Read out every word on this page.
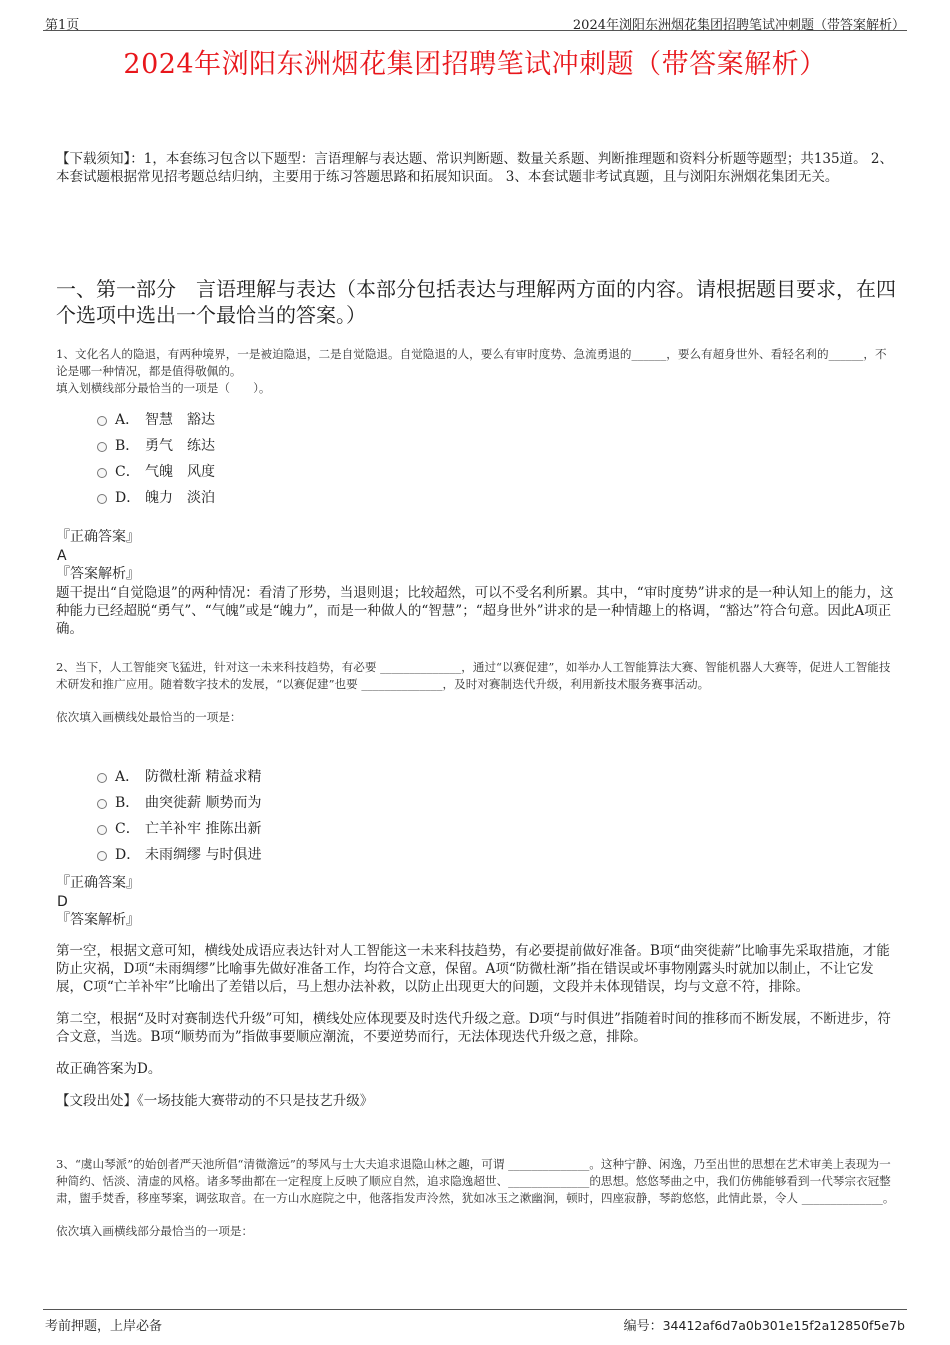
第1页	2024年浏阳东洲烟花集团招聘笔试冲刺题（带答案解析）
2024年浏阳东洲烟花集团招聘笔试冲刺题（带答案解析）
【下载须知】：1，本套练习包含以下题型：言语理解与表达题、常识判断题、数量关系题、判断推理题和资料分析题等题型；共135道。 2、本套试题根据常见招考题总结归纳，主要用于练习答题思路和拓展知识面。 3、本套试题非考试真题，且与浏阳东洲烟花集团无关。
一、第一部分　言语理解与表达（本部分包括表达与理解两方面的内容。请根据题目要求，在四个选项中选出一个最恰当的答案。）
1、文化名人的隐退，有两种境界，一是被迫隐退，二是自觉隐退。自觉隐退的人，要么有审时度势、急流勇退的______，要么有超身世外、看轻名利的______，不论是哪一种情况，都是值得敬佩的。
填入划横线部分最恰当的一项是（　　）。
A． 智慧　豁达
B． 勇气　练达
C． 气魄　风度
D． 魄力　淡泊
『正确答案』
A
『答案解析』
题干提出“自觉隐退”的两种情况：看清了形势，当退则退；比较超然，可以不受名利所累。其中，“审时度势”讲求的是一种认知上的能力，这种能力已经超脱“勇气”、“气魄”或是“魄力”，而是一种做人的“智慧”；“超身世外”讲求的是一种情趣上的格调，“豁达”符合句意。因此A项正确。
2、当下，人工智能突飞猛进，针对这一未来科技趋势，有必要 ______________，通过“以赛促建”，如举办人工智能算法大赛、智能机器人大赛等，促进人工智能技术研发和推广应用。随着数字技术的发展，“以赛促建”也要 ______________，及时对赛制迭代升级，利用新技术服务赛事活动。
依次填入画横线处最恰当的一项是：
A． 防微杜渐 精益求精
B． 曲突徙薪 顺势而为
C． 亡羊补牢 推陈出新
D． 未雨绸缪 与时俱进
『正确答案』
D
『答案解析』
第一空，根据文意可知，横线处成语应表达针对人工智能这一未来科技趋势，有必要提前做好准备。B项“曲突徙薪”比喻事先采取措施，才能防止灾祸，D项“未雨绸缪”比喻事先做好准备工作，均符合文意，保留。A项“防微杜渐”指在错误或坏事物刚露头时就加以制止，不让它发展，C项“亡羊补牢”比喻出了差错以后，马上想办法补救，以防止出现更大的问题，文段并未体现错误，均与文意不符，排除。
第二空，根据“及时对赛制迭代升级”可知，横线处应体现要及时迭代升级之意。D项“与时俱进”指随着时间的推移而不断发展，不断进步，符合文意，当选。B项“顺势而为”指做事要顺应潮流，不要逆势而行，无法体现迭代升级之意，排除。
故正确答案为D。
【文段出处】《一场技能大赛带动的不只是技艺升级》
3、“虞山琴派”的始创者严天池所倡“清微澹远”的琴风与士大夫追求退隐山林之趣，可谓 ______________。这种宁静、闲逸，乃至出世的思想在艺术审美上表现为一种简约、恬淡、清虚的风格。诸多琴曲都在一定程度上反映了顺应自然，追求隐逸超世、______________的思想。悠悠琴曲之中，我们仿佛能够看到一代琴宗衣冠整肃，盥手焚香，移座琴案，调弦取音。在一方山水庭院之中，他落指发声泠然，犹如冰玉之漱幽涧，顿时，四座寂静，琴韵悠悠，此情此景，令人 ______________。
依次填入画横线部分最恰当的一项是：
考前押题，上岸必备	编号：34412af6d7a0b301e15f2a12850f5e7b
